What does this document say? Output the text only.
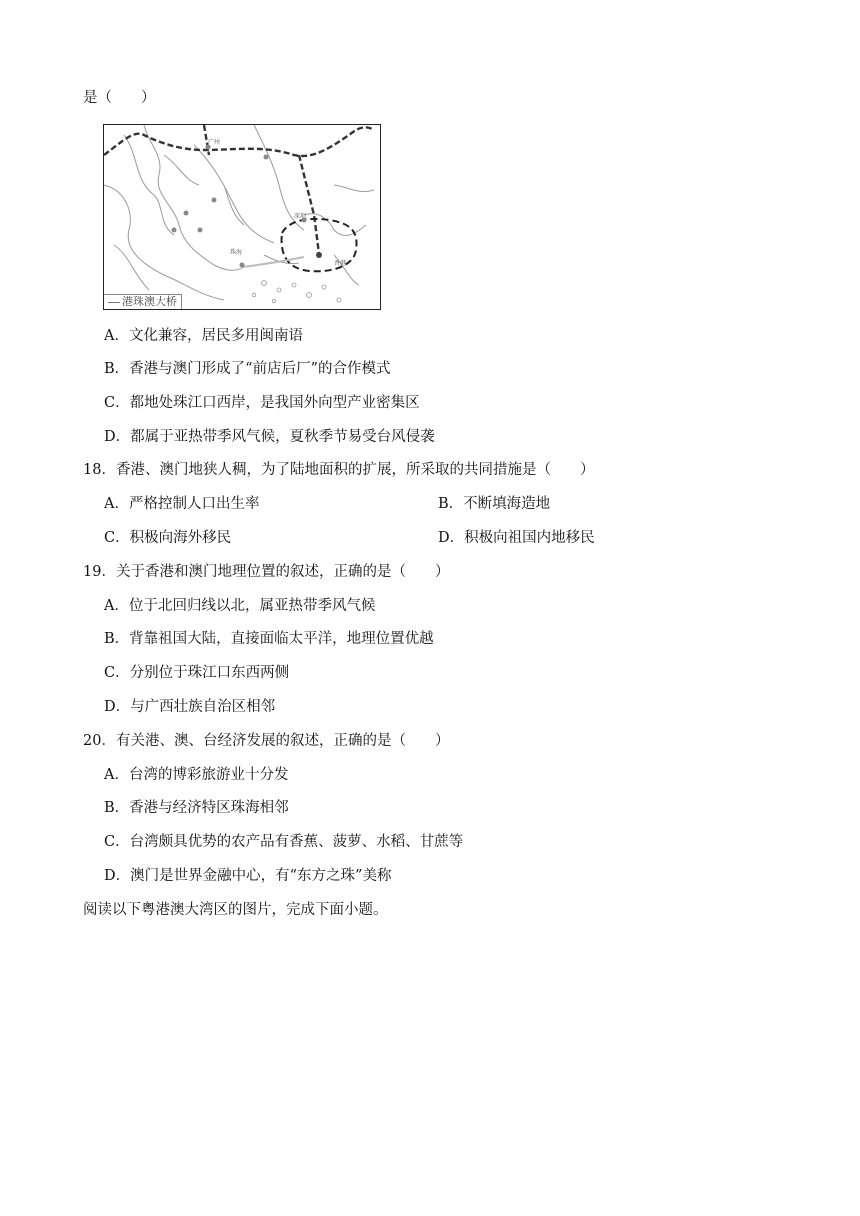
是（　　）
广州
深圳
珠海
香港
港珠澳大桥
A．文化兼容，居民多用闽南语
B．香港与澳门形成了“前店后厂”的合作模式
C．都地处珠江口西岸，是我国外向型产业密集区
D．都属于亚热带季风气候，夏秋季节易受台风侵袭
18．香港、澳门地狭人稠，为了陆地面积的扩展，所采取的共同措施是（　　）
A．严格控制人口出生率	B．不断填海造地
C．积极向海外移民	D．积极向祖国内地移民
19．关于香港和澳门地理位置的叙述，正确的是（　　）
A．位于北回归线以北，属亚热带季风气候
B．背靠祖国大陆，直接面临太平洋，地理位置优越
C．分别位于珠江口东西两侧
D．与广西壮族自治区相邻
20．有关港、澳、台经济发展的叙述，正确的是（　　）
A．台湾的博彩旅游业十分发
B．香港与经济特区珠海相邻
C．台湾颇具优势的农产品有香蕉、菠萝、水稻、甘蔗等
D．澳门是世界金融中心，有“东方之珠”美称
阅读以下粤港澳大湾区的图片，完成下面小题。
